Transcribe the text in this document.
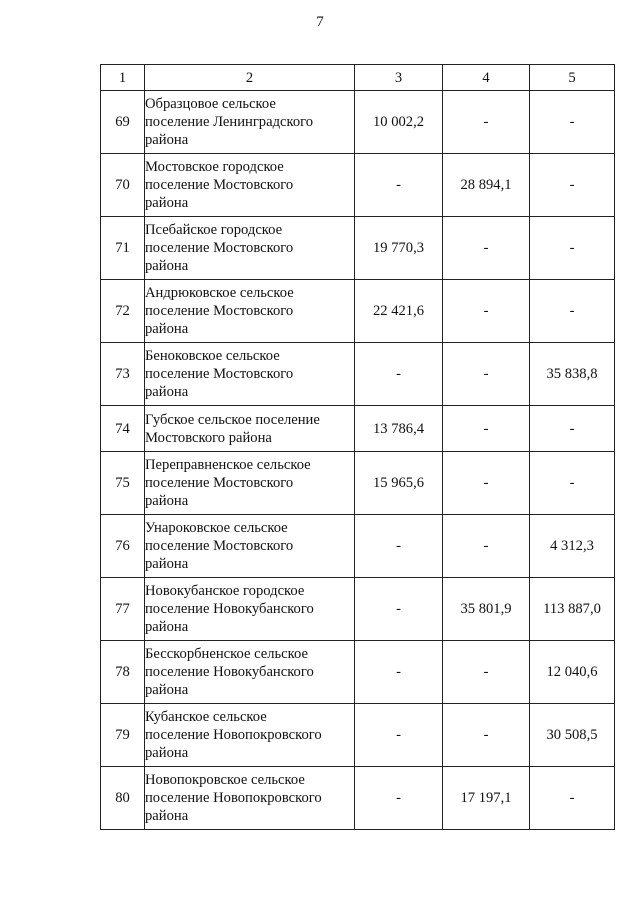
7
1	2	3	4	5
69	Образцовое сельское
поселение Ленинградского
района	10 002,2	-	-
70	Мостовское городское
поселение Мостовского
района	-	28 894,1	-
71	Псебайское городское
поселение Мостовского
района	19 770,3	-	-
72	Андрюковское сельское
поселение Мостовского
района	22 421,6	-	-
73	Беноковское сельское
поселение Мостовского
района	-	-	35 838,8
74	Губское сельское поселение
Мостовского района	13 786,4	-	-
75	Переправненское сельское
поселение Мостовского
района	15 965,6	-	-
76	Унароковское сельское
поселение Мостовского
района	-	-	4 312,3
77	Новокубанское городское
поселение Новокубанского
района	-	35 801,9	113 887,0
78	Бесскорбненское сельское
поселение Новокубанского
района	-	-	12 040,6
79	Кубанское сельское
поселение Новопокровского
района	-	-	30 508,5
80	Новопокровское сельское
поселение Новопокровского
района	-	17 197,1	-
